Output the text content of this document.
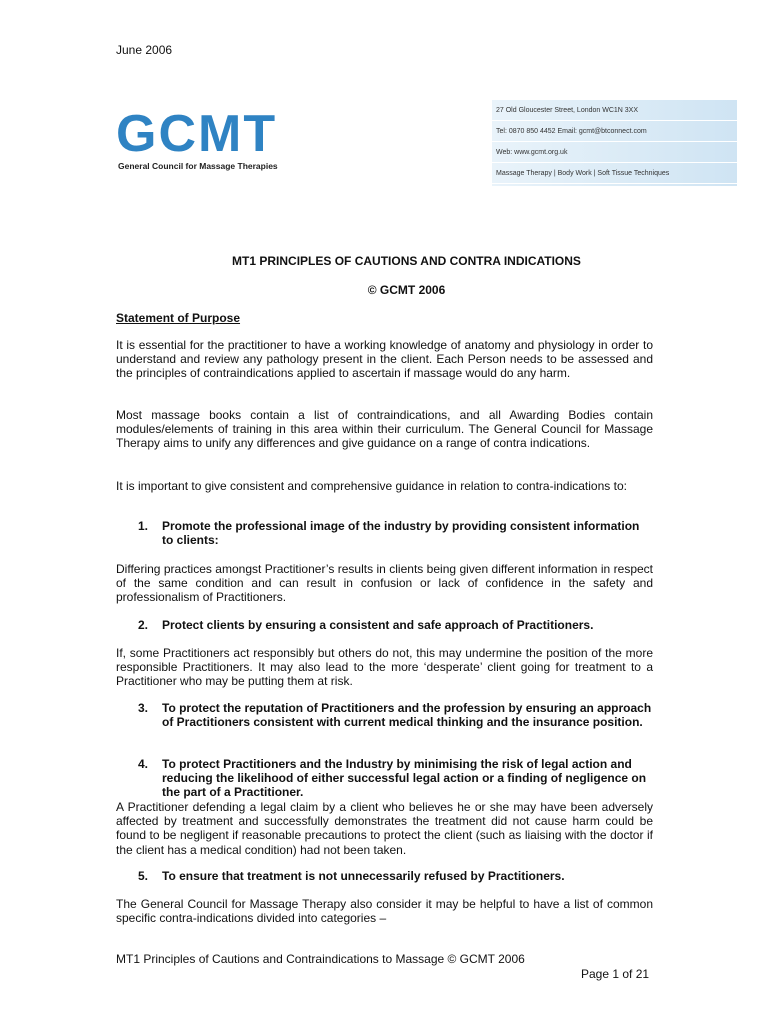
June 2006
GCMT
General Council for Massage Therapies
27 Old Gloucester Street, London WC1N 3XX
Tel: 0870 850 4452 Email: gcmt@btconnect.com
Web: www.gcmt.org.uk
Massage Therapy | Body Work | Soft Tissue Techniques
MT1 PRINCIPLES OF CAUTIONS AND CONTRA INDICATIONS
© GCMT 2006
Statement of Purpose

It is essential for the practitioner to have a working knowledge of anatomy and physiology in order to understand and review any pathology present in the client. Each Person needs to be assessed and the principles of contraindications applied to ascertain if massage would do any harm.

Most massage books contain a list of contraindications, and all Awarding Bodies contain modules/elements of training in this area within their curriculum. The General Council for Massage Therapy aims to unify any differences and give guidance on a range of contra indications.

It is important to give consistent and comprehensive guidance in relation to contra-indications to:

1.	Promote the professional image of the industry by providing consistent information to clients:

Differing practices amongst Practitioner’s results in clients being given different information in respect of the same condition and can result in confusion or lack of confidence in the safety and professionalism of Practitioners.

2.	Protect clients by ensuring a consistent and safe approach of Practitioners.

If, some Practitioners act responsibly but others do not, this may undermine the position of the more responsible Practitioners. It may also lead to the more ‘desperate’ client going for treatment to a Practitioner who may be putting them at risk.

3.	To protect the reputation of Practitioners and the profession by ensuring an approach of Practitioners consistent with current medical thinking and the insurance position.
4.	To protect Practitioners and the Industry by minimising the risk of legal action and reducing the likelihood of either successful legal action or a finding of negligence on the part of a Practitioner.

A Practitioner defending a legal claim by a client who believes he or she may have been adversely affected by treatment and successfully demonstrates the treatment did not cause harm could be found to be negligent if reasonable precautions to protect the client (such as liaising with the doctor if the client has a medical condition) had not been taken.

5.	To ensure that treatment is not unnecessarily refused by Practitioners.

The General Council for Massage Therapy also consider it may be helpful to have a list of common specific contra-indications divided into categories –

MT1 Principles of Cautions and Contraindications to Massage © GCMT 2006
Page 1 of 21
